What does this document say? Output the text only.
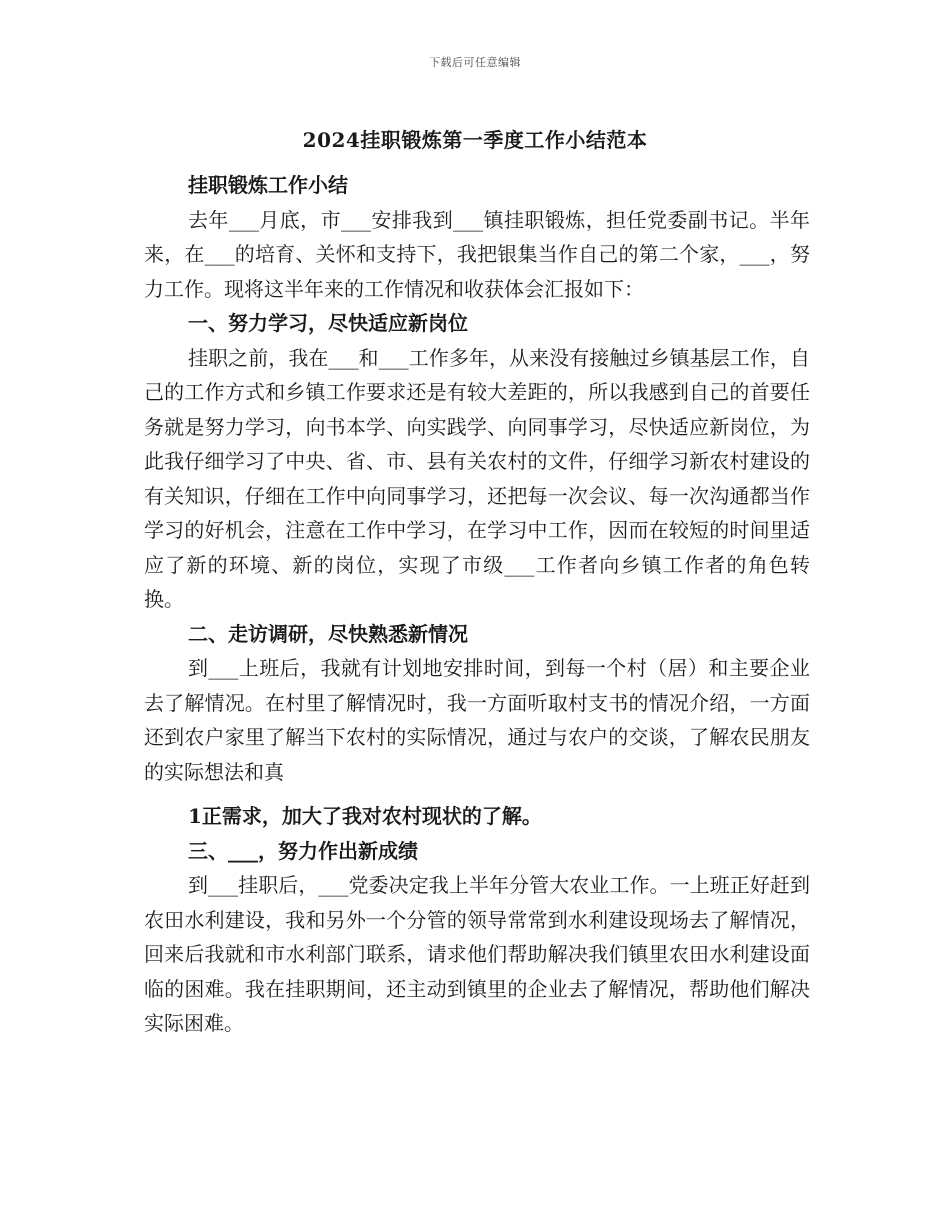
下载后可任意编辑
2024挂职锻炼第一季度工作小结范本

挂职锻炼工作小结

去年___月底，市___安排我到___镇挂职锻炼，担任党委副书记。半年来，在___的培育、关怀和支持下，我把银集当作自己的第二个家，___，努力工作。现将这半年来的工作情况和收获体会汇报如下：

一、努力学习，尽快适应新岗位

挂职之前，我在___和___工作多年，从来没有接触过乡镇基层工作，自己的工作方式和乡镇工作要求还是有较大差距的，所以我感到自己的首要任务就是努力学习，向书本学、向实践学、向同事学习，尽快适应新岗位，为此我仔细学习了中央、省、市、县有关农村的文件，仔细学习新农村建设的有关知识，仔细在工作中向同事学习，还把每一次会议、每一次沟通都当作学习的好机会，注意在工作中学习，在学习中工作，因而在较短的时间里适应了新的环境、新的岗位，实现了市级___工作者向乡镇工作者的角色转换。

二、走访调研，尽快熟悉新情况

到___上班后，我就有计划地安排时间，到每一个村（居）和主要企业去了解情况。在村里了解情况时，我一方面听取村支书的情况介绍，一方面还到农户家里了解当下农村的实际情况，通过与农户的交谈，了解农民朋友的实际想法和真

1正需求，加大了我对农村现状的了解。

三、___，努力作出新成绩

到___挂职后，___党委决定我上半年分管大农业工作。一上班正好赶到农田水利建设，我和另外一个分管的领导常常到水利建设现场去了解情况，回来后我就和市水利部门联系，请求他们帮助解决我们镇里农田水利建设面临的困难。我在挂职期间，还主动到镇里的企业去了解情况，帮助他们解决实际困难。
